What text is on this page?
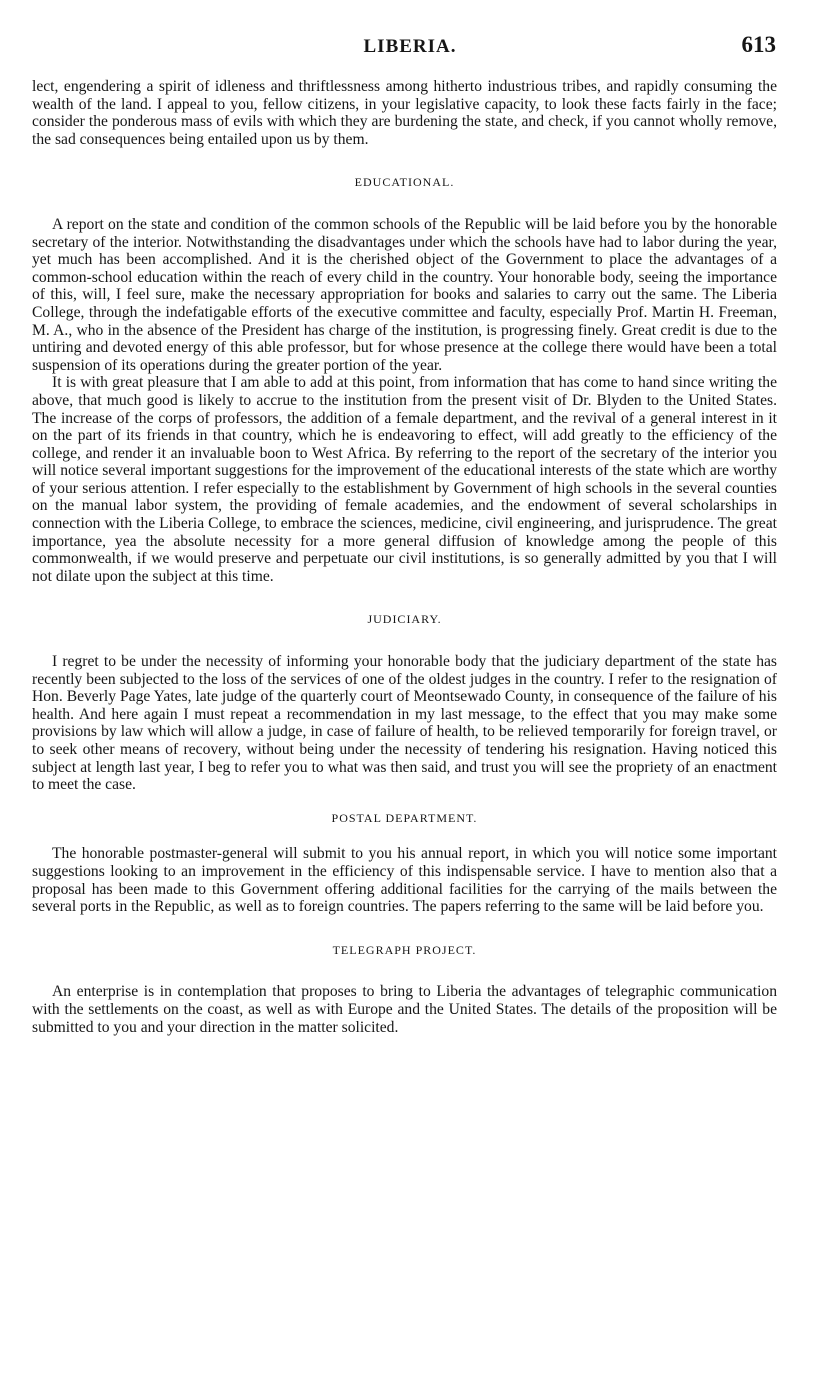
LIBERIA.	613

lect, engendering a spirit of idleness and thriftlessness among hitherto industrious tribes, and rapidly consuming the wealth of the land. I appeal to you, fellow citizens, in your legislative capacity, to look these facts fairly in the face; consider the ponderous mass of evils with which they are burdening the state, and check, if you cannot wholly remove, the sad consequences being entailed upon us by them.

EDUCATIONAL.

A report on the state and condition of the common schools of the Republic will be laid before you by the honorable secretary of the interior. Notwithstanding the disadvantages under which the schools have had to labor during the year, yet much has been accomplished. And it is the cherished object of the Government to place the advantages of a common-school education within the reach of every child in the country. Your honorable body, seeing the importance of this, will, I feel sure, make the necessary appropriation for books and salaries to carry out the same. The Liberia College, through the indefatigable efforts of the executive committee and faculty, especially Prof. Martin H. Freeman, M. A., who in the absence of the President has charge of the institution, is progressing finely. Great credit is due to the untiring and devoted energy of this able professor, but for whose presence at the college there would have been a total suspension of its operations during the greater portion of the year.

It is with great pleasure that I am able to add at this point, from information that has come to hand since writing the above, that much good is likely to accrue to the institution from the present visit of Dr. Blyden to the United States. The increase of the corps of professors, the addition of a female department, and the revival of a general interest in it on the part of its friends in that country, which he is endeavoring to effect, will add greatly to the efficiency of the college, and render it an invaluable boon to West Africa. By referring to the report of the secretary of the interior you will notice several important suggestions for the improvement of the educational interests of the state which are worthy of your serious attention. I refer especially to the establishment by Government of high schools in the several counties on the manual labor system, the providing of female academies, and the endowment of several scholarships in connection with the Liberia College, to embrace the sciences, medicine, civil engineering, and jurisprudence. The great importance, yea the absolute necessity for a more general diffusion of knowledge among the people of this commonwealth, if we would preserve and perpetuate our civil institutions, is so generally admitted by you that I will not dilate upon the subject at this time.

JUDICIARY.

I regret to be under the necessity of informing your honorable body that the judiciary department of the state has recently been subjected to the loss of the services of one of the oldest judges in the country. I refer to the resignation of Hon. Beverly Page Yates, late judge of the quarterly court of Meontsewado County, in consequence of the failure of his health. And here again I must repeat a recommendation in my last message, to the effect that you may make some provisions by law which will allow a judge, in case of failure of health, to be relieved temporarily for foreign travel, or to seek other means of recovery, without being under the necessity of tendering his resignation. Having noticed this subject at length last year, I beg to refer you to what was then said, and trust you will see the propriety of an enactment to meet the case.

POSTAL DEPARTMENT.

The honorable postmaster-general will submit to you his annual report, in which you will notice some important suggestions looking to an improvement in the efficiency of this indispensable service. I have to mention also that a proposal has been made to this Government offering additional facilities for the carrying of the mails between the several ports in the Republic, as well as to foreign countries. The papers referring to the same will be laid before you.

TELEGRAPH PROJECT.

An enterprise is in contemplation that proposes to bring to Liberia the advantages of telegraphic communication with the settlements on the coast, as well as with Europe and the United States. The details of the proposition will be submitted to you and your direction in the matter solicited.
